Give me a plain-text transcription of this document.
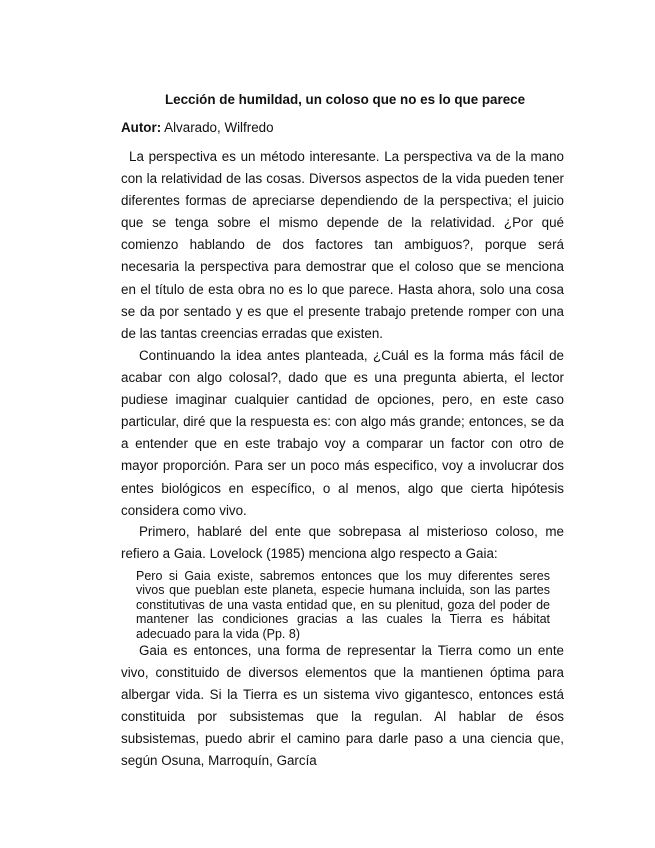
Lección de humildad, un coloso que no es lo que parece

Autor: Alvarado, Wilfredo

La perspectiva es un método interesante. La perspectiva va de la mano con la relatividad de las cosas. Diversos aspectos de la vida pueden tener diferentes formas de apreciarse dependiendo de la perspectiva; el juicio que se tenga sobre el mismo depende de la relatividad. ¿Por qué comienzo hablando de dos factores tan ambiguos?, porque será necesaria la perspectiva para demostrar que el coloso que se menciona en el título de esta obra no es lo que parece. Hasta ahora, solo una cosa se da por sentado y es que el presente trabajo pretende romper con una de las tantas creencias erradas que existen.

Continuando la idea antes planteada, ¿Cuál es la forma más fácil de acabar con algo colosal?, dado que es una pregunta abierta, el lector pudiese imaginar cualquier cantidad de opciones, pero, en este caso particular, diré que la respuesta es: con algo más grande; entonces, se da a entender que en este trabajo voy a comparar un factor con otro de mayor proporción. Para ser un poco más especifico, voy a involucrar dos entes biológicos en específico, o al menos, algo que cierta hipótesis considera como vivo.

Primero, hablaré del ente que sobrepasa al misterioso coloso, me refiero a Gaia. Lovelock (1985) menciona algo respecto a Gaia:

Pero si Gaia existe, sabremos entonces que los muy diferentes seres vivos que pueblan este planeta, especie humana incluida, son las partes constitutivas de una vasta entidad que, en su plenitud, goza del poder de mantener las condiciones gracias a las cuales la Tierra es hábitat adecuado para la vida (Pp. 8)

Gaia es entonces, una forma de representar la Tierra como un ente vivo, constituido de diversos elementos que la mantienen óptima para albergar vida. Si la Tierra es un sistema vivo gigantesco, entonces está constituida por subsistemas que la regulan. Al hablar de ésos subsistemas, puedo abrir el camino para darle paso a una ciencia que, según Osuna, Marroquín, García
